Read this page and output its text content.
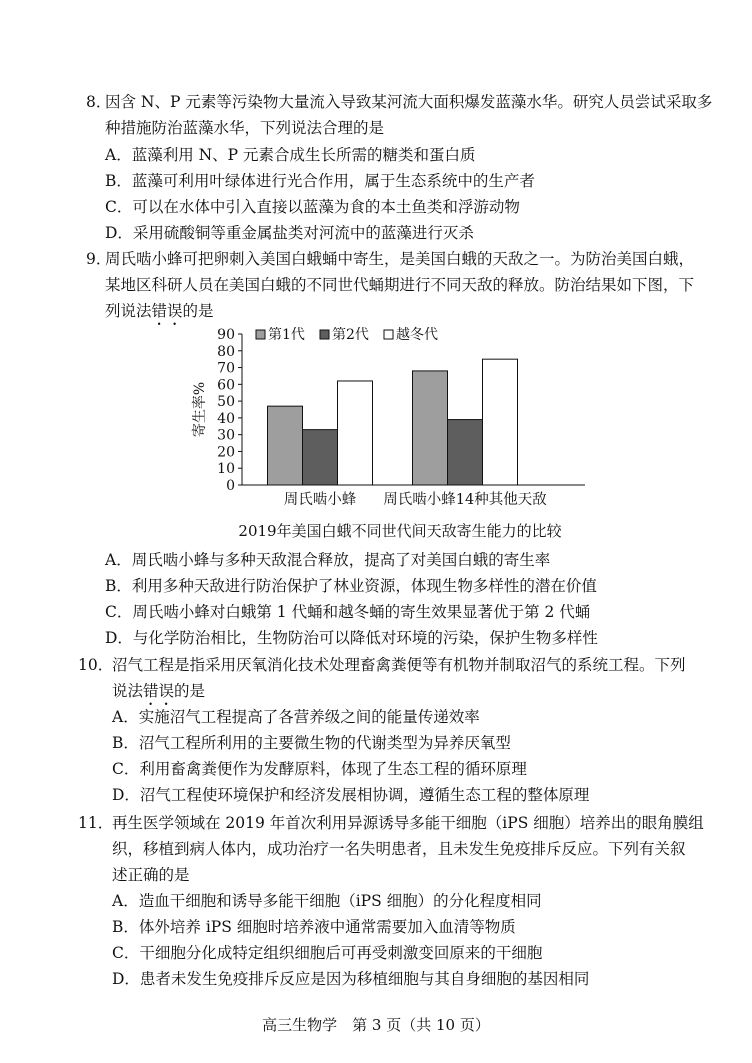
8．
因含 N、P 元素等污染物大量流入导致某河流大面积爆发蓝藻水华。研究人员尝试采取多
种措施防治蓝藻水华，下列说法合理的是
A．蓝藻利用 N、P 元素合成生长所需的糖类和蛋白质
B．蓝藻可利用叶绿体进行光合作用，属于生态系统中的生产者
C．可以在水体中引入直接以蓝藻为食的本土鱼类和浮游动物
D．采用硫酸铜等重金属盐类对河流中的蓝藻进行灭杀
9．
周氏啮小蜂可把卵刺入美国白蛾蛹中寄生，是美国白蛾的天敌之一。为防治美国白蛾，
某地区科研人员在美国白蛾的不同世代蛹期进行不同天敌的释放。防治结果如下图，下
列说法错误的是
0
10
20
30
40
50
60
70
80
90
寄生率%
周氏啮小蜂 周氏啮小蜂14种其他天敌
第1代 第2代 越冬代
2019年美国白蛾不同世代间天敌寄生能力的比较
A．周氏啮小蜂与多种天敌混合释放，提高了对美国白蛾的寄生率
B．利用多种天敌进行防治保护了林业资源，体现生物多样性的潜在价值
C．周氏啮小蜂对白蛾第 1 代蛹和越冬蛹的寄生效果显著优于第 2 代蛹
D．与化学防治相比，生物防治可以降低对环境的污染，保护生物多样性
10．
沼气工程是指采用厌氧消化技术处理畜禽粪便等有机物并制取沼气的系统工程。下列
说法错误的是
A．实施沼气工程提高了各营养级之间的能量传递效率
B．沼气工程所利用的主要微生物的代谢类型为异养厌氧型
C．利用畜禽粪便作为发酵原料，体现了生态工程的循环原理
D．沼气工程使环境保护和经济发展相协调，遵循生态工程的整体原理
11．
再生医学领域在 2019 年首次利用异源诱导多能干细胞（iPS 细胞）培养出的眼角膜组
织，移植到病人体内，成功治疗一名失明患者，且未发生免疫排斥反应。下列有关叙
述正确的是
A．造血干细胞和诱导多能干细胞（iPS 细胞）的分化程度相同
B．体外培养 iPS 细胞时培养液中通常需要加入血清等物质
C．干细胞分化成特定组织细胞后可再受刺激变回原来的干细胞
D．患者未发生免疫排斥反应是因为移植细胞与其自身细胞的基因相同
高三生物学　第 3 页（共 10 页）
